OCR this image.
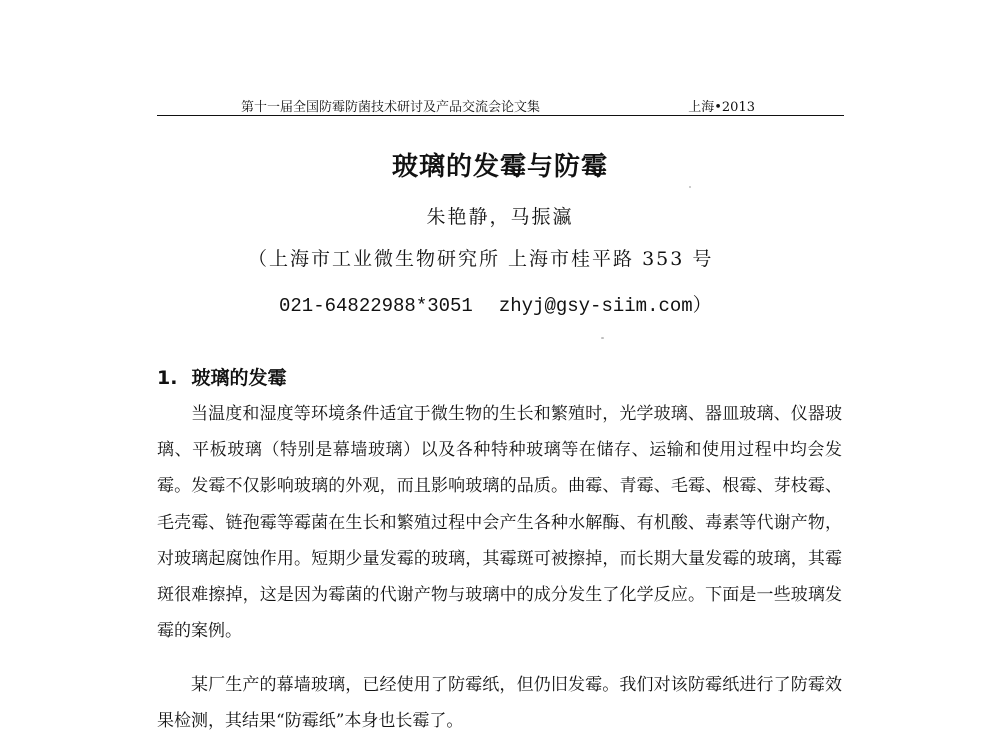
第十一届全国防霉防菌技术研讨及产品交流会论文集	上海•2013
玻璃的发霉与防霉
朱艳静，马振瀛
（上海市工业微生物研究所 上海市桂平路 353 号
021-64822988*3051 zhyj@gsy-siim.com）
1. 玻璃的发霉

当温度和湿度等环境条件适宜于微生物的生长和繁殖时，光学玻璃、器皿玻璃、仪器玻璃、平板玻璃（特别是幕墙玻璃）以及各种特种玻璃等在储存、运输和使用过程中均会发霉。发霉不仅影响玻璃的外观，而且影响玻璃的品质。曲霉、青霉、毛霉、根霉、芽枝霉、毛壳霉、链孢霉等霉菌在生长和繁殖过程中会产生各种水解酶、有机酸、毒素等代谢产物，对玻璃起腐蚀作用。短期少量发霉的玻璃，其霉斑可被擦掉，而长期大量发霉的玻璃，其霉斑很难擦掉，这是因为霉菌的代谢产物与玻璃中的成分发生了化学反应。下面是一些玻璃发霉的案例。

某厂生产的幕墙玻璃，已经使用了防霉纸，但仍旧发霉。我们对该防霉纸进行了防霉效果检测，其结果“防霉纸”本身也长霉了。
